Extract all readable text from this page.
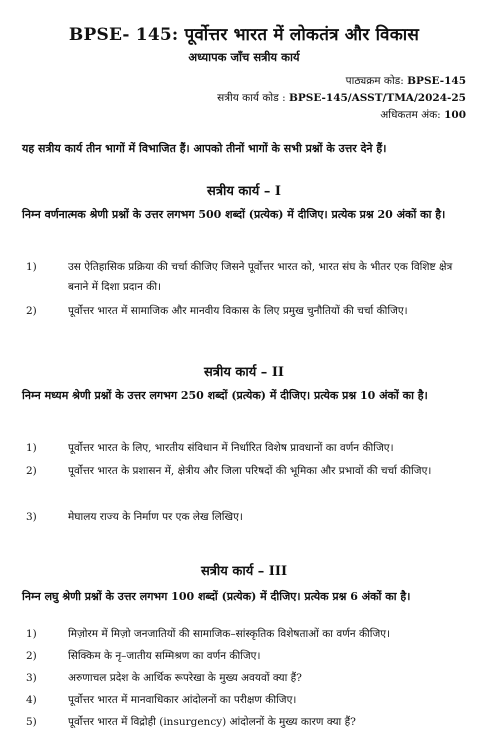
BPSE- 145: पूर्वोत्तर भारत में लोकतंत्र और विकास
अध्यापक जाँच सत्रीय कार्य
पाठ्यक्रम कोड: BPSE-145
सत्रीय कार्य कोड : BPSE-145/ASST/TMA/2024-25
अधिकतम अंक: 100
यह सत्रीय कार्य तीन भागों में विभाजित हैं। आपको तीनों भागों के सभी प्रश्नों के उत्तर देने हैं।
सत्रीय कार्य – I
निम्न वर्णनात्मक श्रेणी प्रश्नों के उत्तर लगभग 500 शब्दों (प्रत्येक) में दीजिए। प्रत्येक प्रश्न 20 अंकों का है।
1)	उस ऐतिहासिक प्रक्रिया की चर्चा कीजिए जिसने पूर्वोत्तर भारत को, भारत संघ के भीतर एक विशिष्ट क्षेत्र बनाने में दिशा प्रदान की।
2)	पूर्वोत्तर भारत में सामाजिक और मानवीय विकास के लिए प्रमुख चुनौतियों की चर्चा कीजिए।
सत्रीय कार्य – II
निम्न मध्यम श्रेणी प्रश्नों के उत्तर लगभग 250 शब्दों (प्रत्येक) में दीजिए। प्रत्येक प्रश्न 10 अंकों का है।
1)	पूर्वोत्तर भारत के लिए, भारतीय संविधान में निर्धारित विशेष प्रावधानों का वर्णन कीजिए।
2)	पूर्वोत्तर भारत के प्रशासन में, क्षेत्रीय और जिला परिषदों की भूमिका और प्रभावों की चर्चा कीजिए।
3)	मेघालय राज्य के निर्माण पर एक लेख लिखिए।
सत्रीय कार्य – III
निम्न लघु श्रेणी प्रश्नों के उत्तर लगभग 100 शब्दों (प्रत्येक) में दीजिए। प्रत्येक प्रश्न 6 अंकों का है।
1)	मिज़ोरम में मिज़ो जनजातियों की सामाजिक–सांस्कृतिक विशेषताओं का वर्णन कीजिए।
2)	सिक्किम के नृ–जातीय सम्मिश्रण का वर्णन कीजिए।
3)	अरुणाचल प्रदेश के आर्थिक रूपरेखा के मुख्य अवयवों क्या हैं?
4)	पूर्वोत्तर भारत में मानवाधिकार आंदोलनों का परीक्षण कीजिए।
5)	पूर्वोत्तर भारत में विद्रोही (insurgency) आंदोलनों के मुख्य कारण क्या हैं?
